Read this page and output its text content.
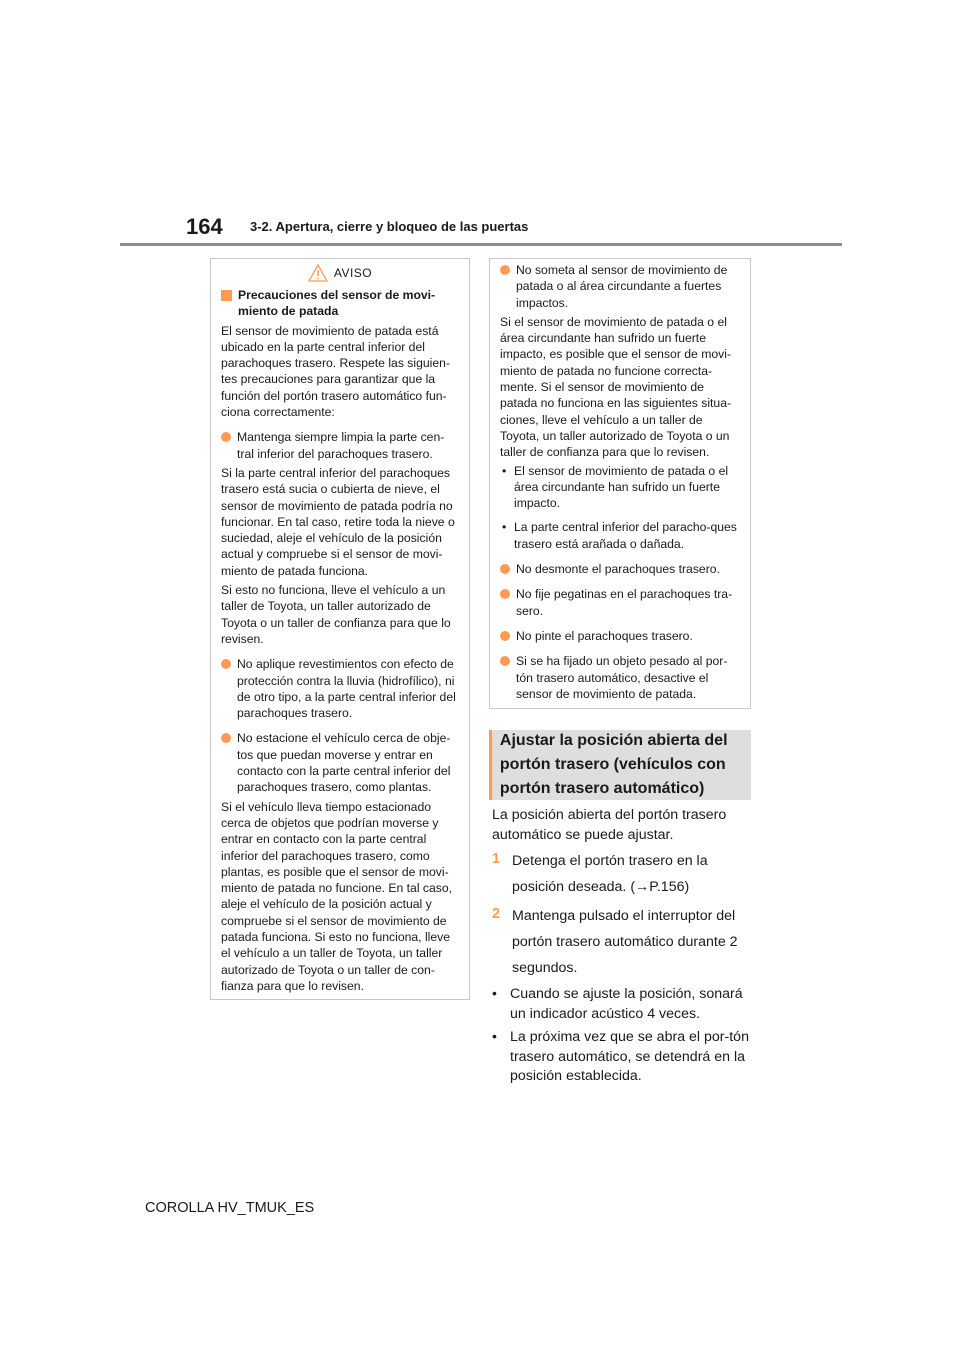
164 3-2. Apertura, cierre y bloqueo de las puertas
AVISO
Precauciones del sensor de movi-miento de patada

El sensor de movimiento de patada está ubicado en la parte central inferior del parachoques trasero. Respete las siguien-tes precauciones para garantizar que la función del portón trasero automático fun-ciona correctamente:

Mantenga siempre limpia la parte cen-tral inferior del parachoques trasero.

Si la parte central inferior del parachoques trasero está sucia o cubierta de nieve, el sensor de movimiento de patada podría no funcionar. En tal caso, retire toda la nieve o suciedad, aleje el vehículo de la posición actual y compruebe si el sensor de movi-miento de patada funciona.

Si esto no funciona, lleve el vehículo a un taller de Toyota, un taller autorizado de Toyota o un taller de confianza para que lo revisen.

No aplique revestimientos con efecto de protección contra la lluvia (hidrofílico), ni de otro tipo, a la parte central inferior del parachoques trasero.
No estacione el vehículo cerca de obje-tos que puedan moverse y entrar en contacto con la parte central inferior del parachoques trasero, como plantas.

Si el vehículo lleva tiempo estacionado cerca de objetos que podrían moverse y entrar en contacto con la parte central inferior del parachoques trasero, como plantas, es posible que el sensor de movi-miento de patada no funcione. En tal caso, aleje el vehículo de la posición actual y compruebe si el sensor de movimiento de patada funciona. Si esto no funciona, lleve el vehículo a un taller de Toyota, un taller autorizado de Toyota o un taller de con-fianza para que lo revisen.

No someta al sensor de movimiento de patada o al área circundante a fuertes impactos.

Si el sensor de movimiento de patada o el área circundante han sufrido un fuerte impacto, es posible que el sensor de movi-miento de patada no funcione correcta-mente. Si el sensor de movimiento de patada no funciona en las siguientes situa-ciones, lleve el vehículo a un taller de Toyota, un taller autorizado de Toyota o un taller de confianza para que lo revisen.

• El sensor de movimiento de patada o el área circundante han sufrido un fuerte impacto.
• La parte central inferior del paracho-ques trasero está arañada o dañada.
No desmonte el parachoques trasero.
No fije pegatinas en el parachoques tra-sero.
No pinte el parachoques trasero.
Si se ha fijado un objeto pesado al por-tón trasero automático, desactive el sensor de movimiento de patada.
Ajustar la posición abierta del portón trasero (vehículos con portón trasero automático)

La posición abierta del portón trasero automático se puede ajustar.

1 Detenga el portón trasero en la posición deseada. (→P.156)
2 Mantenga pulsado el interruptor del portón trasero automático durante 2 segundos.
• Cuando se ajuste la posición, sonará un indicador acústico 4 veces.
• La próxima vez que se abra el por-tón trasero automático, se detendrá en la posición establecida.
COROLLA HV_TMUK_ES
